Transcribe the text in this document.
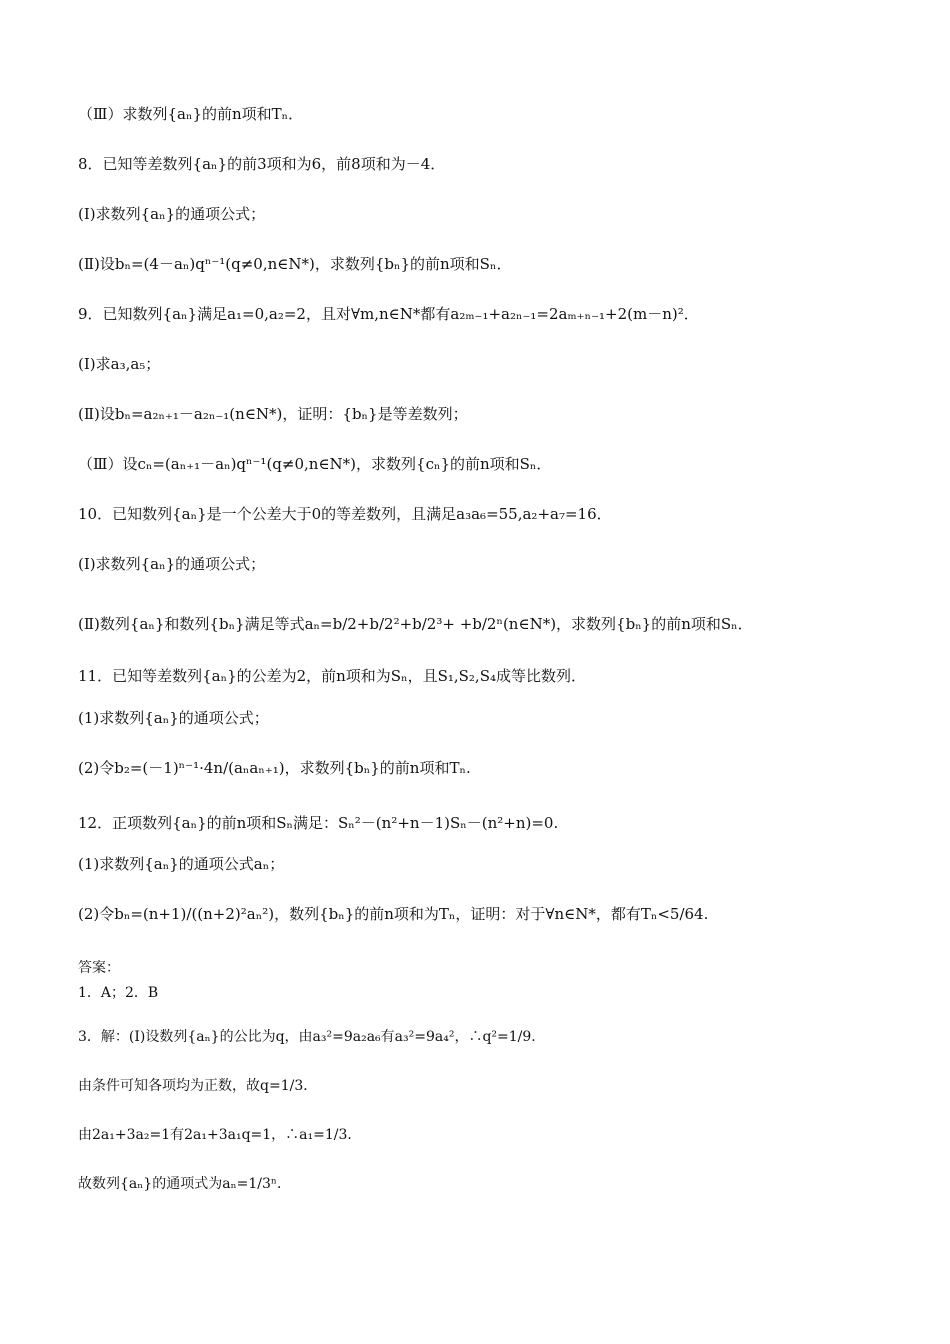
（Ⅲ）求数列{aₙ}的前n项和Tₙ．
8．已知等差数列{aₙ}的前3项和为6，前8项和为－4．
(Ⅰ)求数列{aₙ}的通项公式；
(Ⅱ)设bₙ=(4－aₙ)qⁿ⁻¹(q≠0,n∈N*)，求数列{bₙ}的前n项和Sₙ．
9．已知数列{aₙ}满足a₁=0,a₂=2，且对∀m,n∈N*都有a₂ₘ₋₁+a₂ₙ₋₁=2aₘ₊ₙ₋₁+2(m－n)²．
(Ⅰ)求a₃,a₅；
(Ⅱ)设bₙ=a₂ₙ₊₁－a₂ₙ₋₁(n∈N*)，证明：{bₙ}是等差数列；
（Ⅲ）设cₙ=(aₙ₊₁－aₙ)qⁿ⁻¹(q≠0,n∈N*)，求数列{cₙ}的前n项和Sₙ．
10．已知数列{aₙ}是一个公差大于0的等差数列，且满足a₃a₆=55,a₂+a₇=16．
(Ⅰ)求数列{aₙ}的通项公式；
(Ⅱ)数列{aₙ}和数列{bₙ}满足等式aₙ=b/2+b/2²+b/2³+ +b/2ⁿ(n∈N*)，求数列{bₙ}的前n项和Sₙ．
11．已知等差数列{aₙ}的公差为2，前n项和为Sₙ，且S₁,S₂,S₄成等比数列．
(1)求数列{aₙ}的通项公式；
(2)令b₂=(－1)ⁿ⁻¹·4n/(aₙaₙ₊₁)，求数列{bₙ}的前n项和Tₙ.
12．正项数列{aₙ}的前n项和Sₙ满足：Sₙ²－(n²+n－1)Sₙ－(n²+n)=0.
(1)求数列{aₙ}的通项公式aₙ；
(2)令bₙ=(n+1)/((n+2)²aₙ²)，数列{bₙ}的前n项和为Tₙ，证明：对于∀n∈N*，都有Tₙ<5/64.
答案：
1．A；2．B
3．解：(Ⅰ)设数列{aₙ}的公比为q，由a₃²=9a₂a₆有a₃²=9a₄²，∴q²=1/9．
由条件可知各项均为正数，故q=1/3．
由2a₁+3a₂=1有2a₁+3a₁q=1，∴a₁=1/3．
故数列{aₙ}的通项式为aₙ=1/3ⁿ．
